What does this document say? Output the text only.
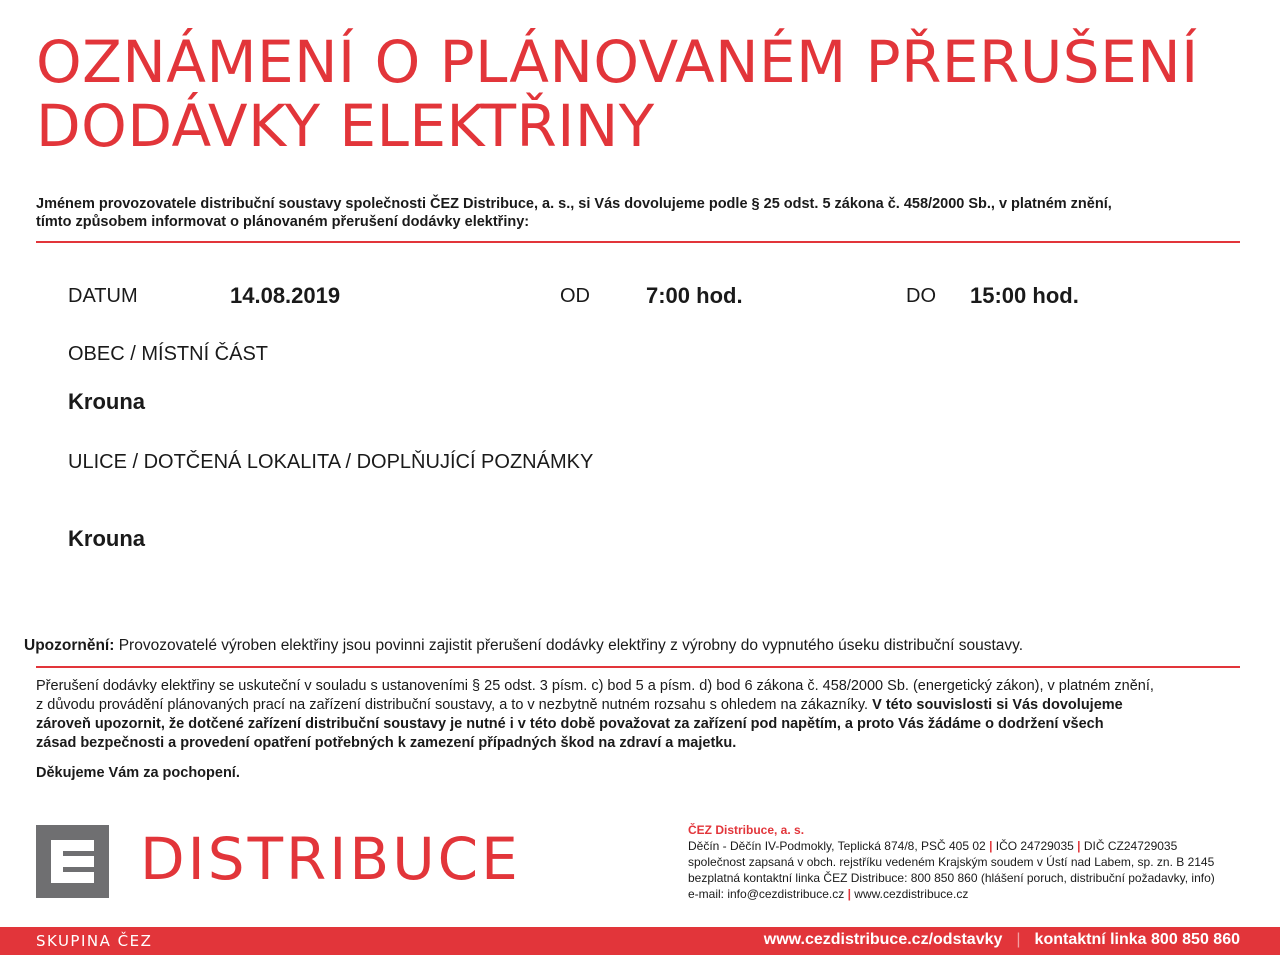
OZNÁMENÍ O PLÁNOVANÉM PŘERUŠENÍ
DODÁVKY ELEKTŘINY
Jménem provozovatele distribuční soustavy společnosti ČEZ Distribuce, a. s., si Vás dovolujeme podle § 25 odst. 5 zákona č. 458/2000 Sb., v platném znění,
tímto způsobem informovat o plánovaném přerušení dodávky elektřiny:
DATUM	14.08.2019	OD	7:00 hod.	DO 15:00 hod.
OBEC / MÍSTNÍ ČÁST
Krouna
ULICE / DOTČENÁ LOKALITA / DOPLŇUJÍCÍ POZNÁMKY
Krouna
Upozornění: Provozovatelé výroben elektřiny jsou povinni zajistit přerušení dodávky elektřiny z výrobny do vypnutého úseku distribuční soustavy.
Přerušení dodávky elektřiny se uskuteční v souladu s ustanoveními § 25 odst. 3 písm. c) bod 5 a písm. d) bod 6 zákona č. 458/2000 Sb. (energetický zákon), v platném znění,
z důvodu provádění plánovaných prací na zařízení distribuční soustavy, a to v nezbytně nutném rozsahu s ohledem na zákazníky. V této souvislosti si Vás dovolujeme
zároveň upozornit, že dotčené zařízení distribuční soustavy je nutné i v této době považovat za zařízení pod napětím, a proto Vás žádáme o dodržení všech
zásad bezpečnosti a provedení opatření potřebných k zamezení případných škod na zdraví a majetku.
Děkujeme Vám za pochopení.
DISTRIBUCE	ČEZ Distribuce, a. s.
Děčín - Děčín IV-Podmokly, Teplická 874/8, PSČ 405 02 | IČO 24729035 | DIČ CZ24729035
společnost zapsaná v obch. rejstříku vedeném Krajským soudem v Ústí nad Labem, sp. zn. B 2145
bezplatná kontaktní linka ČEZ Distribuce: 800 850 860 (hlášení poruch, distribuční požadavky, info)
e-mail: info@cezdistribuce.cz | www.cezdistribuce.cz
SKUPINA ČEZ	www.cezdistribuce.cz/odstavky | kontaktní linka 800 850 860
